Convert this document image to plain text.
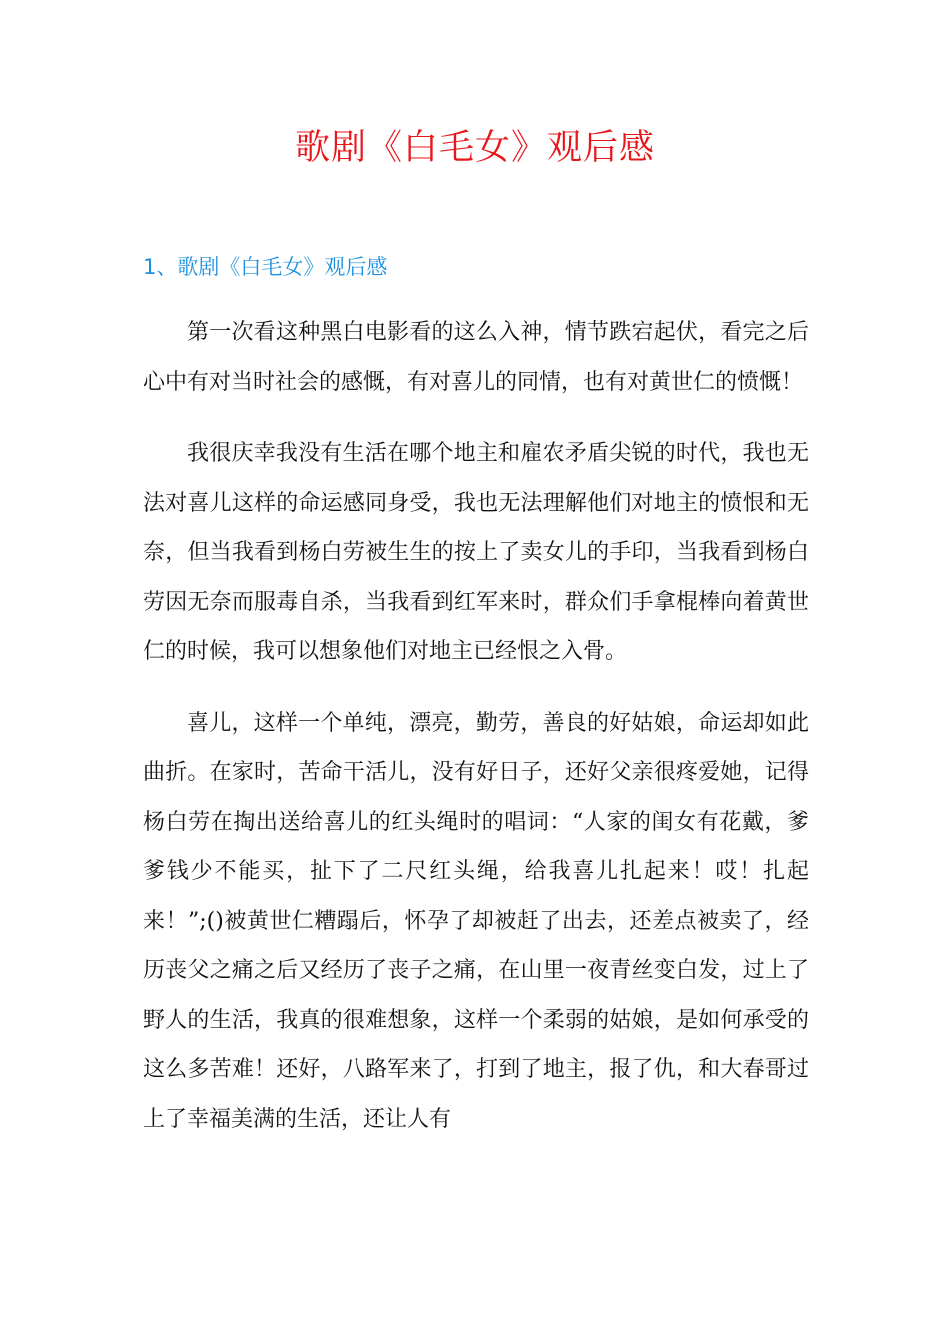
歌剧《白毛女》观后感
1、歌剧《白毛女》观后感

第一次看这种黑白电影看的这么入神，情节跌宕起伏，看完之后心中有对当时社会的感慨，有对喜儿的同情，也有对黄世仁的愤慨！

我很庆幸我没有生活在哪个地主和雇农矛盾尖锐的时代，我也无法对喜儿这样的命运感同身受，我也无法理解他们对地主的愤恨和无奈，但当我看到杨白劳被生生的按上了卖女儿的手印，当我看到杨白劳因无奈而服毒自杀，当我看到红军来时，群众们手拿棍棒向着黄世仁的时候，我可以想象他们对地主已经恨之入骨。

喜儿，这样一个单纯，漂亮，勤劳，善良的好姑娘，命运却如此曲折。在家时，苦命干活儿，没有好日子，还好父亲很疼爱她，记得杨白劳在掏出送给喜儿的红头绳时的唱词：“人家的闺女有花戴，爹爹钱少不能买，扯下了二尺红头绳，给我喜儿扎起来！哎！扎起来！”;()被黄世仁糟蹋后，怀孕了却被赶了出去，还差点被卖了，经历丧父之痛之后又经历了丧子之痛，在山里一夜青丝变白发，过上了野人的生活，我真的很难想象，这样一个柔弱的姑娘，是如何承受的这么多苦难！还好，八路军来了，打到了地主，报了仇，和大春哥过上了幸福美满的生活，还让人有
